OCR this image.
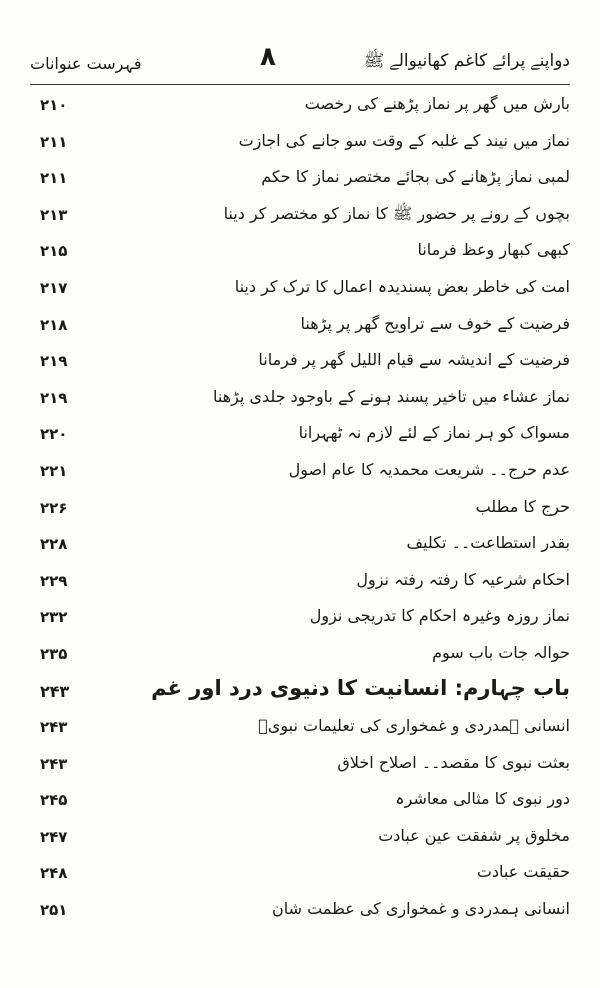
دواپنے پرائے کاغم کھانیوالے ﷺ
۸
فہرست عنوانات
بارش میں گھر پر نماز پڑھنے کی رخصت
۲۱۰
نماز میں نیند کے غلبہ کے وقت سو جانے کی اجازت
۲۱۱
لمبی نماز پڑھانے کی بجائے مختصر نماز کا حکم
۲۱۱
بچوں کے رونے پر حضور ﷺ کا نماز کو مختصر کر دینا
۲۱۳
کبھی کبھار وعظ فرمانا
۲۱۵
امت کی خاطر بعض پسندیدہ اعمال کا ترک کر دینا
۲۱۷
فرضیت کے خوف سے تراویح گھر پر پڑھنا
۲۱۸
فرضیت کے اندیشہ سے قیام اللیل گھر پر فرمانا
۲۱۹
نماز عشاء میں تاخیر پسند ہونے کے باوجود جلدی پڑھنا
۲۱۹
مسواک کو ہر نماز کے لئے لازم نہ ٹھہرانا
۲۲۰
عدم حرج۔۔ شریعت محمدیہ کا عام اصول
۲۲۱
حرج کا مطلب
۲۲۶
بقدر استطاعت۔۔ تکلیف
۲۲۸
احکام شرعیہ کا رفتہ رفتہ نزول
۲۲۹
نماز روزہ وغیرہ احکام کا تدریجی نزول
۲۳۲
حوالہ جات باب سوم
۲۳۵
باب چہارم: انسانیت کا دنیوی درد اور غم
۲۴۳
انسانی ہمدردی و غمخواری کی تعلیمات نبویؐ
۲۴۳
بعثت نبوی کا مقصد۔۔ اصلاح اخلاق
۲۴۳
دور نبوی کا مثالی معاشرہ
۲۴۵
مخلوق پر شفقت عین عبادت
۲۴۷
حقیقت عبادت
۲۴۸
انسانی ہمدردی و غمخواری کی عظمت شان
۲۵۱
